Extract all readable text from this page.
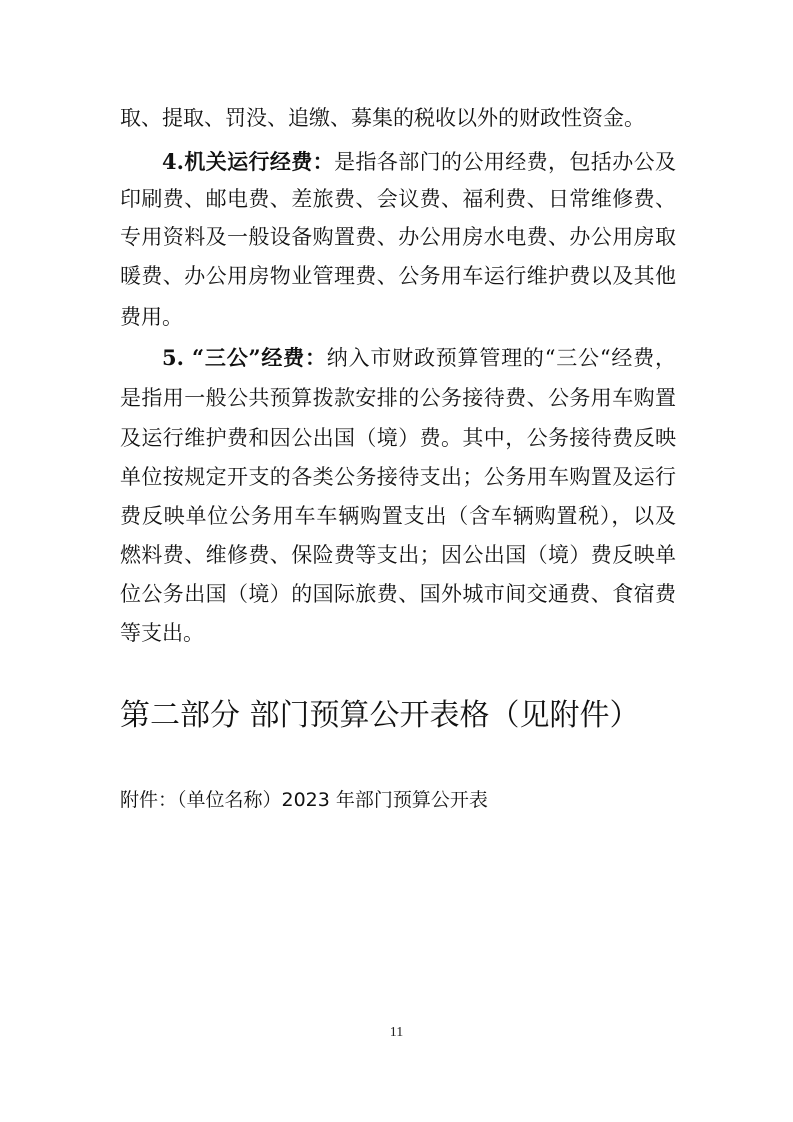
取、提取、罚没、追缴、募集的税收以外的财政性资金。
4.机关运行经费：是指各部门的公用经费，包括办公及
印刷费、邮电费、差旅费、会议费、福利费、日常维修费、
专用资料及一般设备购置费、办公用房水电费、办公用房取
暖费、办公用房物业管理费、公务用车运行维护费以及其他
费用。
5. “三公”经费：纳入市财政预算管理的“三公“经费，
是指用一般公共预算拨款安排的公务接待费、公务用车购置
及运行维护费和因公出国（境）费。其中，公务接待费反映
单位按规定开支的各类公务接待支出；公务用车购置及运行
费反映单位公务用车车辆购置支出（含车辆购置税），以及
燃料费、维修费、保险费等支出；因公出国（境）费反映单
位公务出国（境）的国际旅费、国外城市间交通费、食宿费
等支出。
第二部分 部门预算公开表格（见附件）
附件：（单位名称）2023 年部门预算公开表
11
